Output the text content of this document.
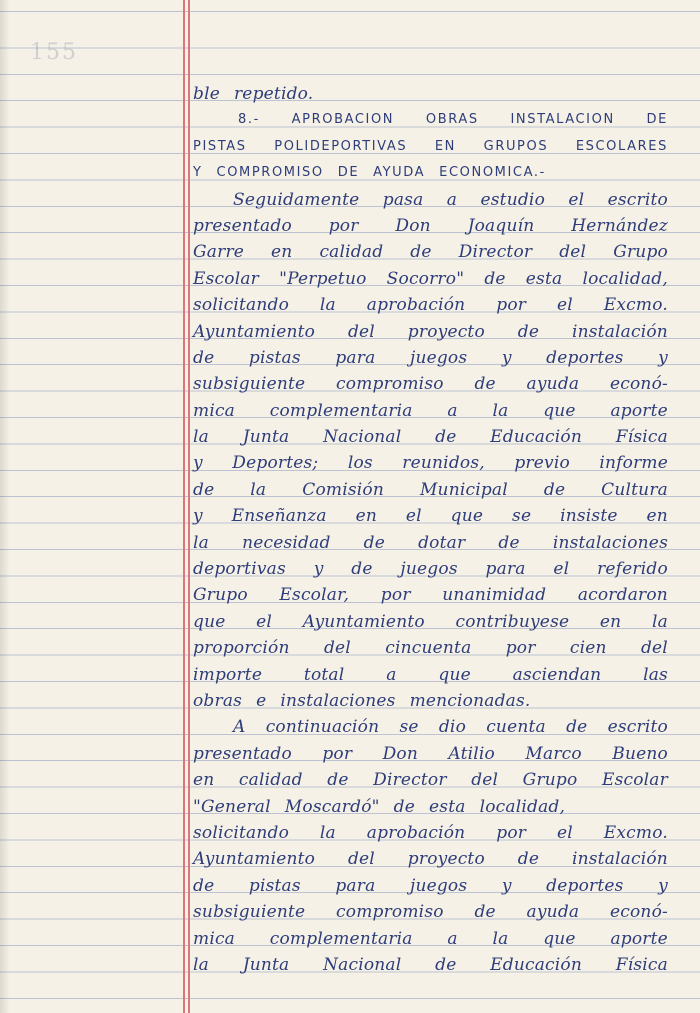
155
ble repetido.
8.- APROBACION OBRAS INSTALACION DE
PISTAS POLIDEPORTIVAS EN GRUPOS ESCOLARES
Y COMPROMISO DE AYUDA ECONOMICA.-
Seguidamente pasa a estudio el escrito
presentado por Don Joaquín Hernández
Garre en calidad de Director del Grupo
Escolar "Perpetuo Socorro" de esta localidad,
solicitando la aprobación por el Excmo.
Ayuntamiento del proyecto de instalación
de pistas para juegos y deportes y
subsiguiente compromiso de ayuda econó-
mica complementaria a la que aporte
la Junta Nacional de Educación Física
y Deportes; los reunidos, previo informe
de la Comisión Municipal de Cultura
y Enseñanza en el que se insiste en
la necesidad de dotar de instalaciones
deportivas y de juegos para el referido
Grupo Escolar, por unanimidad acordaron
que el Ayuntamiento contribuyese en la
proporción del cincuenta por cien del
importe total a que asciendan las
obras e instalaciones mencionadas.
A continuación se dio cuenta de escrito
presentado por Don Atilio Marco Bueno
en calidad de Director del Grupo Escolar
"General Moscardó" de esta localidad,
solicitando la aprobación por el Excmo.
Ayuntamiento del proyecto de instalación
de pistas para juegos y deportes y
subsiguiente compromiso de ayuda econó-
mica complementaria a la que aporte
la Junta Nacional de Educación Física
